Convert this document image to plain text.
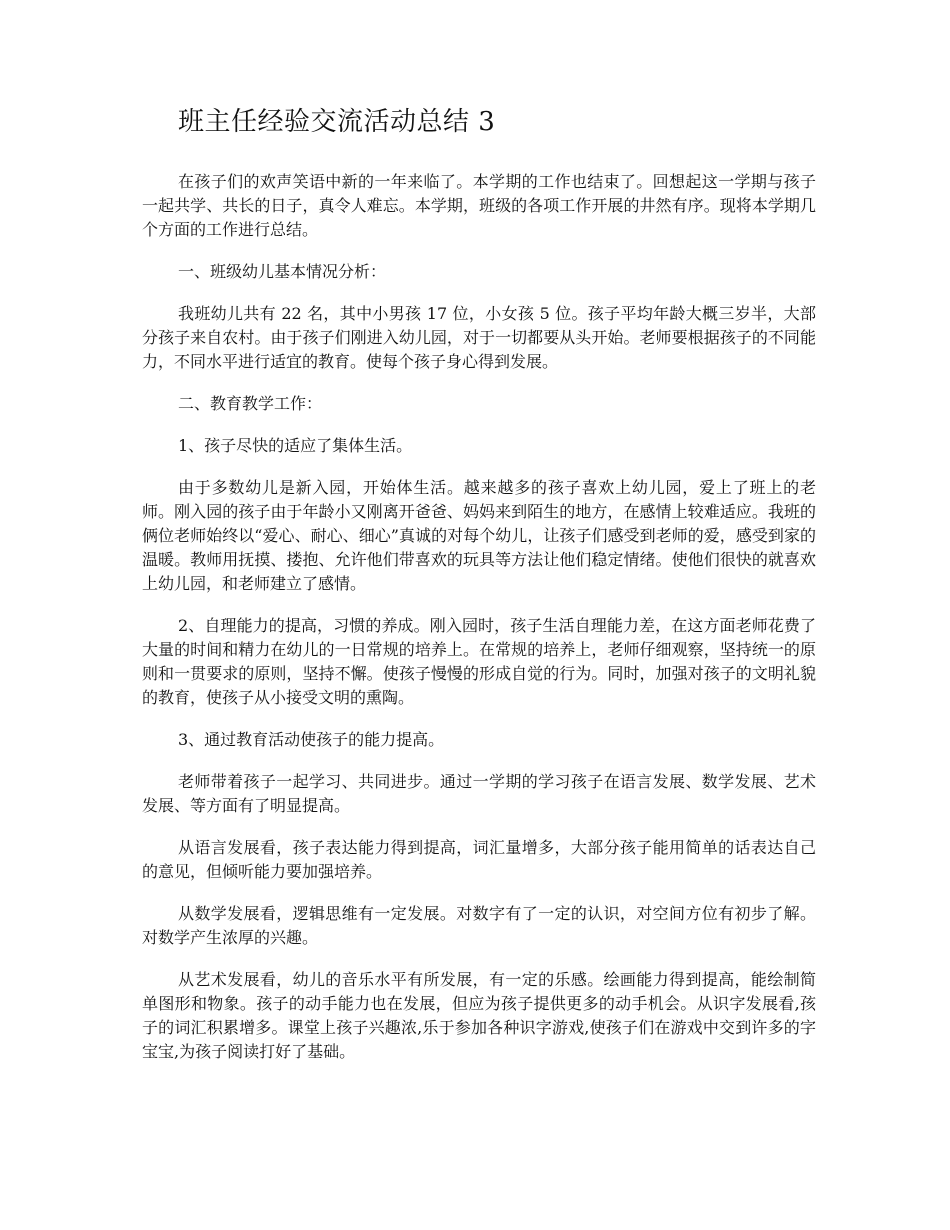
班主任经验交流活动总结 3

在孩子们的欢声笑语中新的一年来临了。本学期的工作也结束了。回想起这一学期与孩子一起共学、共长的日子，真令人难忘。本学期，班级的各项工作开展的井然有序。现将本学期几个方面的工作进行总结。

一、班级幼儿基本情况分析：

我班幼儿共有 22 名，其中小男孩 17 位，小女孩 5 位。孩子平均年龄大概三岁半，大部分孩子来自农村。由于孩子们刚进入幼儿园，对于一切都要从头开始。老师要根据孩子的不同能力，不同水平进行适宜的教育。使每个孩子身心得到发展。

二、教育教学工作：

1、孩子尽快的适应了集体生活。

由于多数幼儿是新入园，开始体生活。越来越多的孩子喜欢上幼儿园，爱上了班上的老师。刚入园的孩子由于年龄小又刚离开爸爸、妈妈来到陌生的地方，在感情上较难适应。我班的俩位老师始终以“爱心、耐心、细心”真诚的对每个幼儿，让孩子们感受到老师的爱，感受到家的温暖。教师用抚摸、搂抱、允许他们带喜欢的玩具等方法让他们稳定情绪。使他们很快的就喜欢上幼儿园，和老师建立了感情。

2、自理能力的提高，习惯的养成。刚入园时，孩子生活自理能力差，在这方面老师花费了大量的时间和精力在幼儿的一日常规的培养上。在常规的培养上，老师仔细观察，坚持统一的原则和一贯要求的原则，坚持不懈。使孩子慢慢的形成自觉的行为。同时，加强对孩子的文明礼貌的教育，使孩子从小接受文明的熏陶。

3、通过教育活动使孩子的能力提高。

老师带着孩子一起学习、共同进步。通过一学期的学习孩子在语言发展、数学发展、艺术发展、等方面有了明显提高。

从语言发展看，孩子表达能力得到提高，词汇量增多，大部分孩子能用简单的话表达自己的意见，但倾听能力要加强培养。

从数学发展看，逻辑思维有一定发展。对数字有了一定的认识，对空间方位有初步了解。对数学产生浓厚的兴趣。

从艺术发展看，幼儿的音乐水平有所发展，有一定的乐感。绘画能力得到提高，能绘制简单图形和物象。孩子的动手能力也在发展，但应为孩子提供更多的动手机会。从识字发展看,孩子的词汇积累增多。课堂上孩子兴趣浓,乐于参加各种识字游戏,使孩子们在游戏中交到许多的字宝宝,为孩子阅读打好了基础。
